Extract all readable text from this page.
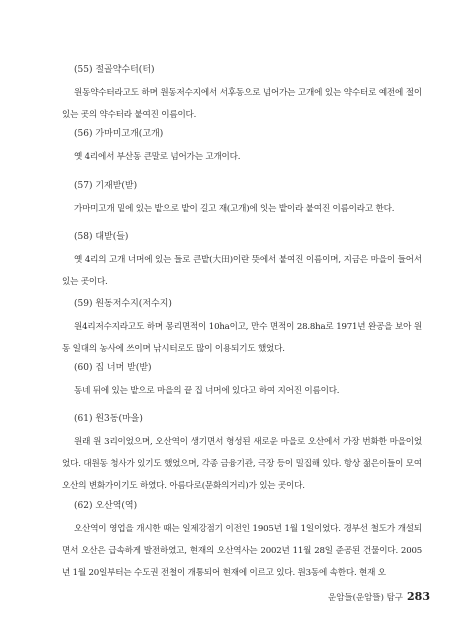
(55) 절골약수터(터)

원동약수터라고도 하며 원동저수지에서 서후동으로 넘어가는 고개에 있는 약수터로 예전에 절이 있는 곳의 약수터라 붙여진 이름이다.

(56) 가마미고개(고개)

옛 4리에서 부산동 큰말로 넘어가는 고개이다.

(57) 기재받(받)

가마미고개 밑에 있는 밭으로 밭이 길고 재(고개)에 잇는 밭이라 붙여진 이름이라고 한다.

(58) 대받(들)

옛 4리의 고개 너머에 있는 들로 큰밭(大田)이란 뜻에서 붙여진 이름이며, 지금은 마을이 들어서 있는 곳이다.

(59) 원동저수지(저수지)

원4리저수지라고도 하며 몽리면적이 10ha이고, 만수 면적이 28.8ha로 1971년 완공을 보아 원동 일대의 농사에 쓰이며 낚시터로도 많이 이용되기도 했었다.

(60) 집 너머 받(받)

동네 뒤에 있는 밭으로 마을의 끝 집 너머에 있다고 하여 지어진 이름이다.

(61) 원3동(마을)

원래 원 3리이었으며, 오산역이 생기면서 형성된 새로운 마을로 오산에서 가장 번화한 마을이었었다. 대원동 청사가 있기도 했었으며, 각종 금융기관, 극장 등이 밀집해 있다. 항상 젊은이들이 모여 오산의 변화가이기도 하였다. 아름다로(문화의거리)가 있는 곳이다.

(62) 오산역(역)

오산역이 영업을 개시한 때는 일제강점기 이전인 1905년 1월 1일이었다. 경부선 철도가 개설되면서 오산은 급속하게 발전하였고, 현재의 오산역사는 2002년 11월 28일 준공된 건물이다. 2005년 1월 20일부터는 수도권 전철이 개통되어 현재에 이르고 있다. 원3동에 속한다. 현재 오

운암들(운암뜰) 탐구 283
